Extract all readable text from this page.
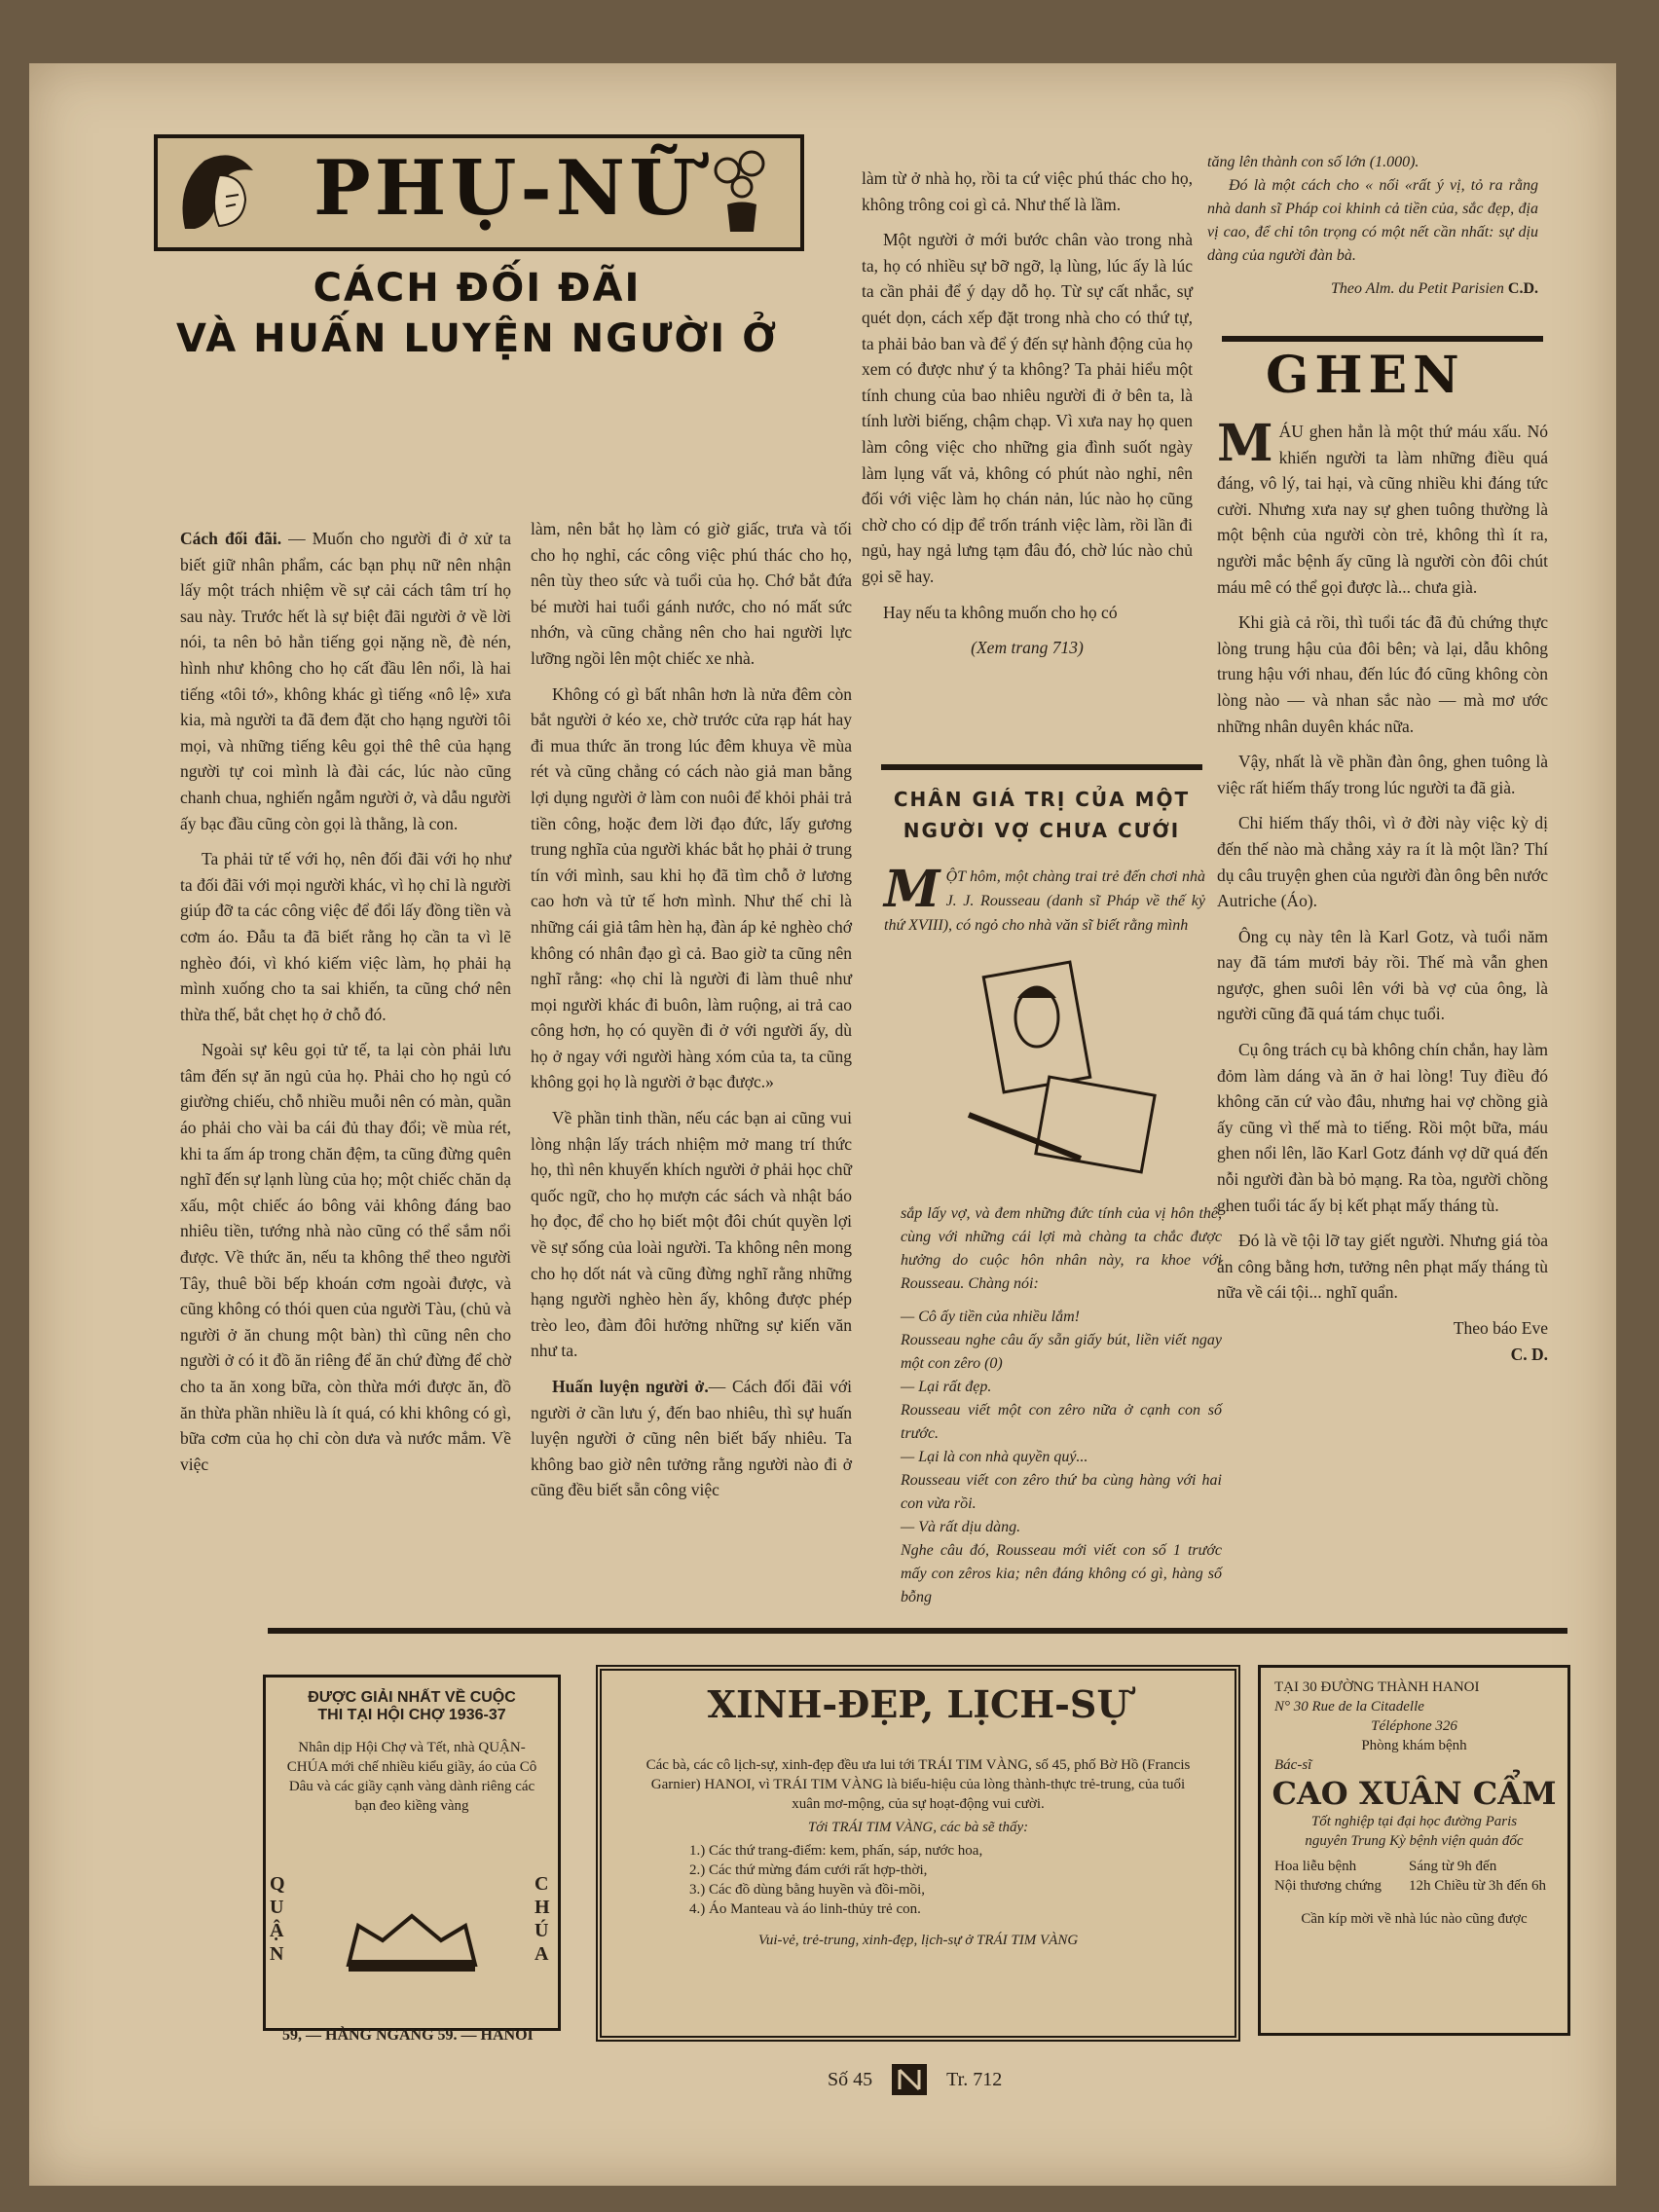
PHỤ-NỮ
CÁCH ĐỐI ĐÃI
VÀ HUẤN LUYỆN NGƯỜI Ở

Cách đối đãi. — Muốn cho người đi ở xử ta biết giữ nhân phẩm, các bạn phụ nữ nên nhận lấy một trách nhiệm về sự cải cách tâm trí họ sau này. Trước hết là sự biệt đãi người ở về lời nói, ta nên bỏ hẳn tiếng gọi nặng nề, đè nén, hình như không cho họ cất đầu lên nổi, là hai tiếng «tôi tớ», không khác gì tiếng «nô lệ» xưa kia, mà người ta đã đem đặt cho hạng người tôi mọi, và những tiếng kêu gọi thê thê của hạng người tự coi mình là đài các, lúc nào cũng chanh chua, nghiến ngẫm người ở, và dẫu người ấy bạc đầu cũng còn gọi là thằng, là con.

Ta phải tử tế với họ, nên đối đãi với họ như ta đối đãi với mọi người khác, vì họ chỉ là người giúp đỡ ta các công việc để đổi lấy đồng tiền và cơm áo. Đẫu ta đã biết rằng họ cần ta vì lẽ nghèo đói, vì khó kiếm việc làm, họ phải hạ mình xuống cho ta sai khiến, ta cũng chớ nên thừa thế, bắt chẹt họ ở chỗ đó.

Ngoài sự kêu gọi tử tế, ta lại còn phải lưu tâm đến sự ăn ngủ của họ. Phải cho họ ngủ có giường chiếu, chỗ nhiều muỗi nên có màn, quần áo phải cho vài ba cái đủ thay đổi; về mùa rét, khi ta ấm áp trong chăn đệm, ta cũng đừng quên nghĩ đến sự lạnh lùng của họ; một chiếc chăn dạ xấu, một chiếc áo bông vải không đáng bao nhiêu tiền, tướng nhà nào cũng có thể sắm nổi được. Về thức ăn, nếu ta không thể theo người Tây, thuê bồi bếp khoán cơm ngoài được, và cũng không có thói quen của người Tàu, (chủ và người ở ăn chung một bàn) thì cũng nên cho người ở có it đồ ăn riêng để ăn chứ đừng để chờ cho ta ăn xong bữa, còn thừa mới được ăn, đồ ăn thừa phần nhiều là ít quá, có khi không có gì, bữa cơm của họ chỉ còn dưa và nước mắm. Về việc

làm, nên bắt họ làm có giờ giấc, trưa và tối cho họ nghỉ, các công việc phú thác cho họ, nên tùy theo sức và tuổi của họ. Chớ bắt đứa bé mười hai tuổi gánh nước, cho nó mất sức nhớn, và cũng chẳng nên cho hai người lực lưỡng ngồi lên một chiếc xe nhà.

Không có gì bất nhân hơn là nửa đêm còn bắt người ở kéo xe, chờ trước cửa rạp hát hay đi mua thức ăn trong lúc đêm khuya về mùa rét và cũng chẳng có cách nào giả man bằng lợi dụng người ở làm con nuôi để khỏi phải trả tiền công, hoặc đem lời đạo đức, lấy gương trung nghĩa của người khác bắt họ phải ở trung tín với mình, sau khi họ đã tìm chỗ ở lương cao hơn và tử tế hơn mình. Như thế chỉ là những cái giả tâm hèn hạ, đàn áp kẻ nghèo chớ không có nhân đạo gì cả. Bao giờ ta cũng nên nghĩ rằng: «họ chỉ là người đi làm thuê như mọi người khác đi buôn, làm ruộng, ai trả cao công hơn, họ có quyền đi ở với người ấy, dù họ ở ngay với người hàng xóm của ta, ta cũng không gọi họ là người ở bạc được.»

Về phần tinh thần, nếu các bạn ai cũng vui lòng nhận lấy trách nhiệm mở mang trí thức họ, thì nên khuyến khích người ở phải học chữ quốc ngữ, cho họ mượn các sách và nhật báo họ đọc, để cho họ biết một đôi chút quyền lợi về sự sống của loài người. Ta không nên mong cho họ dốt nát và cũng đừng nghĩ rằng những hạng người nghèo hèn ấy, không được phép trèo leo, đàm đôi hưởng những sự kiến văn như ta.

Huấn luyện người ở.— Cách đối đãi với người ở cần lưu ý, đến bao nhiêu, thì sự huấn luyện người ở cũng nên biết bấy nhiêu. Ta không bao giờ nên tưởng rằng người nào đi ở cũng đều biết sẵn công việc

làm từ ở nhà họ, rồi ta cứ việc phú thác cho họ, không trông coi gì cả. Như thế là lầm.

Một người ở mới bước chân vào trong nhà ta, họ có nhiều sự bỡ ngỡ, lạ lùng, lúc ấy là lúc ta cần phải để ý dạy dỗ họ. Từ sự cất nhắc, sự quét dọn, cách xếp đặt trong nhà cho có thứ tự, ta phải bảo ban và để ý đến sự hành động của họ xem có được như ý ta không? Ta phải hiểu một tính chung của bao nhiêu người đi ở bên ta, là tính lười biếng, chậm chạp. Vì xưa nay họ quen làm công việc cho những gia đình suốt ngày làm lụng vất vả, không có phút nào nghỉ, nên đối với việc làm họ chán nản, lúc nào họ cũng chờ cho có dịp để trốn tránh việc làm, rồi lần đi ngủ, hay ngả lưng tạm đâu đó, chờ lúc nào chủ gọi sẽ hay.

Hay nếu ta không muốn cho họ có

(Xem trang 713)
CHÂN GIÁ TRỊ CỦA MỘT NGƯỜI VỢ CHƯA CƯỚI
MỘT hôm, một chàng trai trẻ đến chơi nhà J. J. Rousseau (danh sĩ Pháp về thế kỷ thứ XVIII), có ngỏ cho nhà văn sĩ biết rằng mình

sắp lấy vợ, và đem những đức tính của vị hôn thê, cùng với những cái lợi mà chàng ta chắc được hưởng do cuộc hôn nhân này, ra khoe với Rousseau. Chàng nói:

— Cô ấy tiền của nhiều lắm!
Rousseau nghe câu ấy sẵn giấy bút, liền viết ngay một con zêro (0)
— Lại rất đẹp.
Rousseau viết một con zêro nữa ở cạnh con số trước.
— Lại là con nhà quyền quý...
Rousseau viết con zêro thứ ba cùng hàng với hai con vừa rồi.
— Và rất dịu dàng.
Nghe câu đó, Rousseau mới viết con số 1 trước mấy con zêros kia; nên đáng không có gì, hàng số bỗng
tăng lên thành con số lớn (1.000).

Đó là một cách cho « nối «rất ý vị, tỏ ra rằng nhà danh sĩ Pháp coi khinh cả tiền của, sắc đẹp, địa vị cao, để chỉ tôn trọng có một nết cần nhất: sự dịu dàng của người đàn bà.

Theo Alm. du Petit Parisien C.D.
GHEN

MÁU ghen hẳn là một thứ máu xấu. Nó khiến người ta làm những điều quá đáng, vô lý, tai hại, và cũng nhiều khi đáng tức cười. Nhưng xưa nay sự ghen tuông thường là một bệnh của người còn trẻ, không thì ít ra, người mắc bệnh ấy cũng là người còn đôi chút máu mê có thể gọi được là... chưa già.

Khi già cả rồi, thì tuổi tác đã đủ chứng thực lòng trung hậu của đôi bên; và lại, dẫu không trung hậu với nhau, đến lúc đó cũng không còn lòng nào — và nhan sắc nào — mà mơ ước những nhân duyên khác nữa.

Vậy, nhất là về phần đàn ông, ghen tuông là việc rất hiếm thấy trong lúc người ta đã già.

Chỉ hiếm thấy thôi, vì ở đời này việc kỳ dị đến thế nào mà chẳng xảy ra ít là một lần? Thí dụ câu truyện ghen của người đàn ông bên nước Autriche (Áo).

Ông cụ này tên là Karl Gotz, và tuổi năm nay đã tám mươi bảy rồi. Thế mà vẫn ghen ngược, ghen suôi lên với bà vợ của ông, là người cũng đã quá tám chục tuổi.

Cụ ông trách cụ bà không chín chắn, hay làm đỏm làm dáng và ăn ở hai lòng! Tuy điều đó không căn cứ vào đâu, nhưng hai vợ chồng già ấy cũng vì thế mà to tiếng. Rồi một bữa, máu ghen nổi lên, lão Karl Gotz đánh vợ dữ quá đến nỗi người đàn bà bỏ mạng. Ra tòa, người chồng ghen tuổi tác ấy bị kết phạt mấy tháng tù.

Đó là về tội lỡ tay giết người. Nhưng giá tòa án công bằng hơn, tưởng nên phạt mấy tháng tù nữa về cái tội... nghĩ quẩn.

Theo báo Eve
C. D.
ĐƯỢC GIẢI NHẤT VỀ CUỘC
THI TẠI HỘI CHỢ 1936-37
Nhân dịp Hội Chợ và Tết, nhà QUẬN-CHÚA mới chế nhiều kiểu giầy, áo của Cô Dâu và các giầy cạnh vàng dành riêng các bạn đeo kiềng vàng
QUẬN
CHÚA
59, — HÀNG NGANG 59. — HANOI
XINH-ĐẸP, LỊCH-SỰ
Các bà, các cô lịch-sự, xinh-đẹp đều ưa lui tới TRÁI TIM VÀNG, số 45, phố Bờ Hồ (Francis Garnier) HANOI, vì TRÁI TIM VÀNG là biểu-hiệu của lòng thành-thực trẻ-trung, của tuổi xuân mơ-mộng, của sự hoạt-động vui cười.
Tới TRÁI TIM VÀNG, các bà sẽ thấy:
1.) Các thứ trang-điểm: kem, phấn, sáp, nước hoa,
2.) Các thứ mừng đám cưới rất hợp-thời,
3.) Các đồ dùng bằng huyền và đồi-mồi,
4.) Áo Manteau và áo linh-thủy trẻ con.
Vui-vẻ, trẻ-trung, xinh-đẹp, lịch-sự ở TRÁI TIM VÀNG
TẠI 30 ĐƯỜNG THÀNH HANOI
N° 30 Rue de la Citadelle
Téléphone 326
Phòng khám bệnh
Bác-sĩ
CAO XUÂN CẨM
Tốt nghiệp tại đại học đường Paris
nguyên Trung Kỳ bệnh viện quản đốc
Hoa liễu bệnh	Sáng từ 9h đến
Nội thương chứng	12h Chiều từ 3h đến 6h
Cần kíp mời về nhà lúc nào cũng được
Số 45	Tr. 712
